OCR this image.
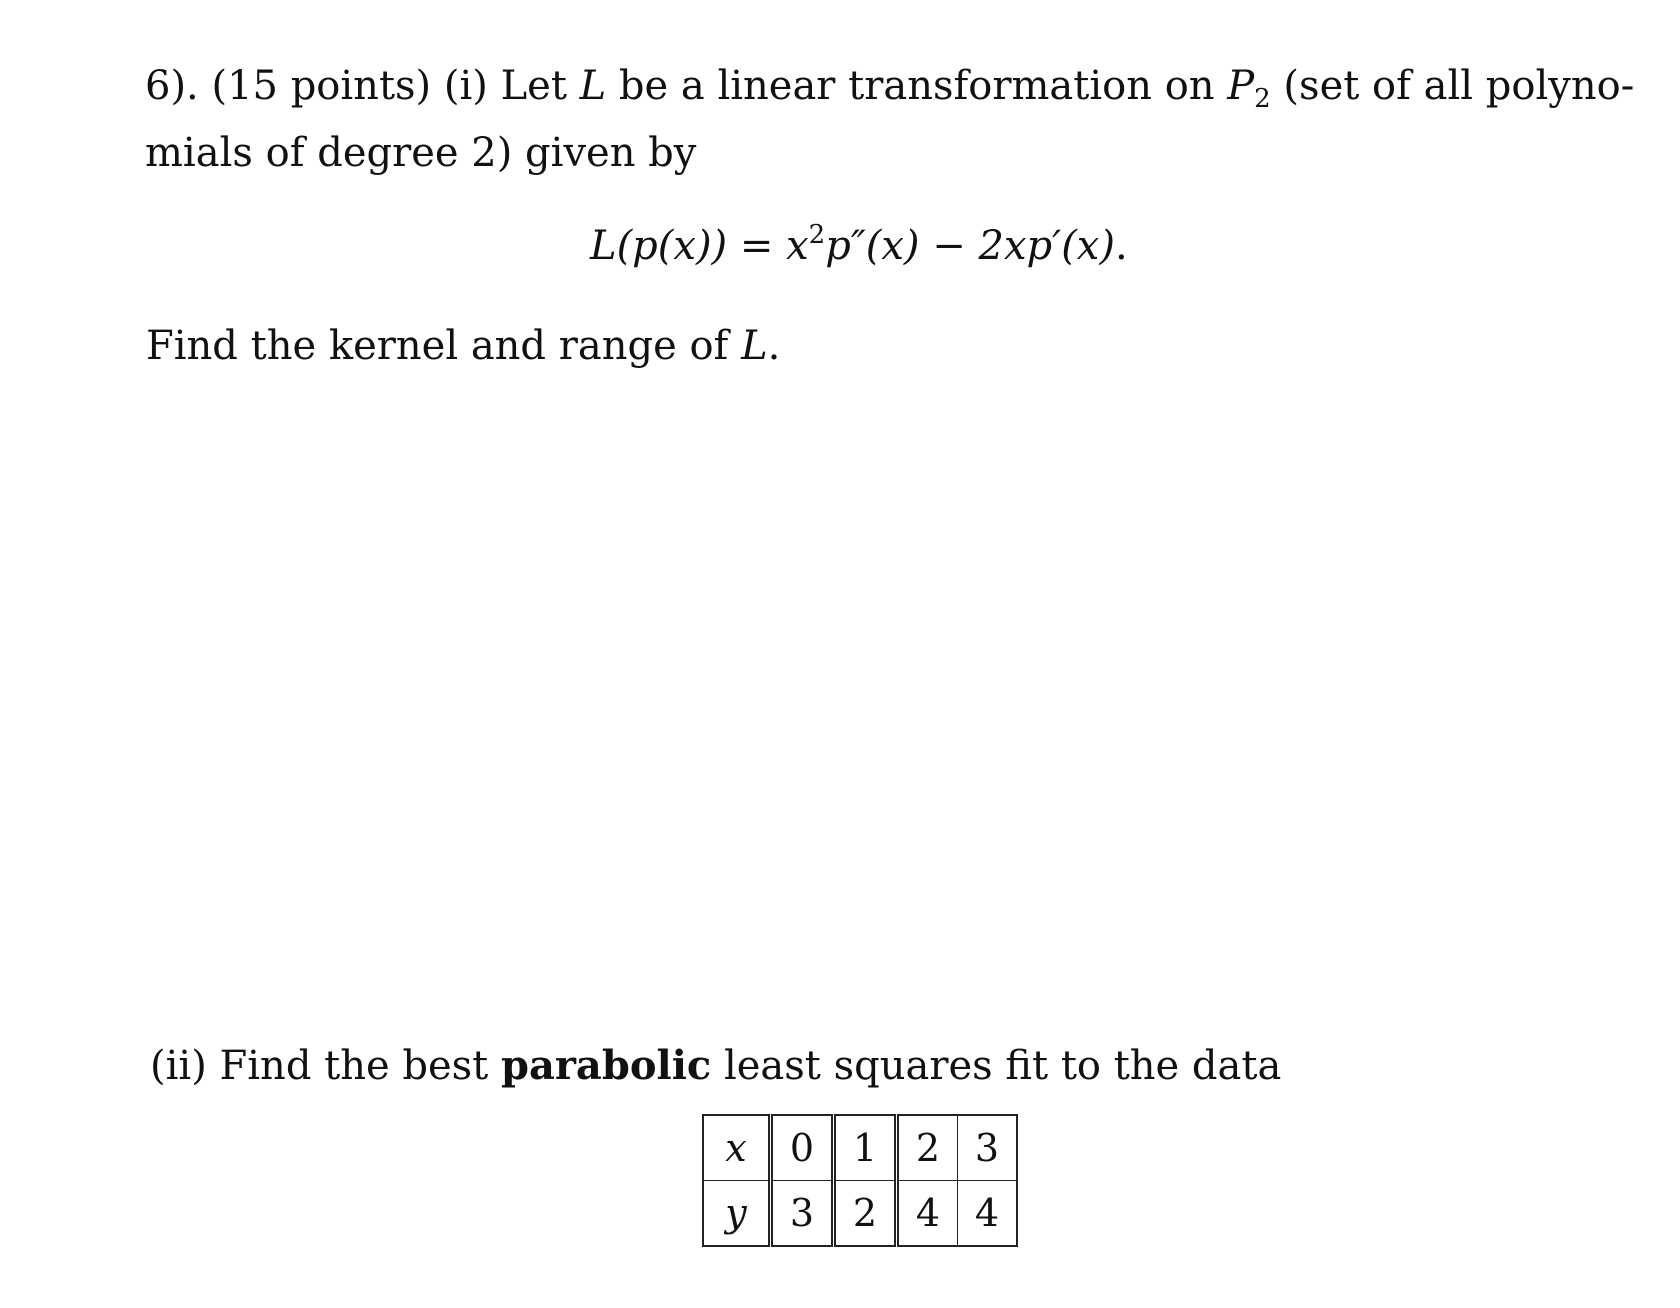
6). (15 points) (i) Let L be a linear transformation on $P_2$ (set of all polyno-
mials of degree 2) given by
$L(p(x)) = x^2p''(x) - 2xp'(x)$.
Find the kernel and range of L.
(ii) Find the best parabolic least squares fit to the data
x	0	1	2	3
y	3	2	4	4
